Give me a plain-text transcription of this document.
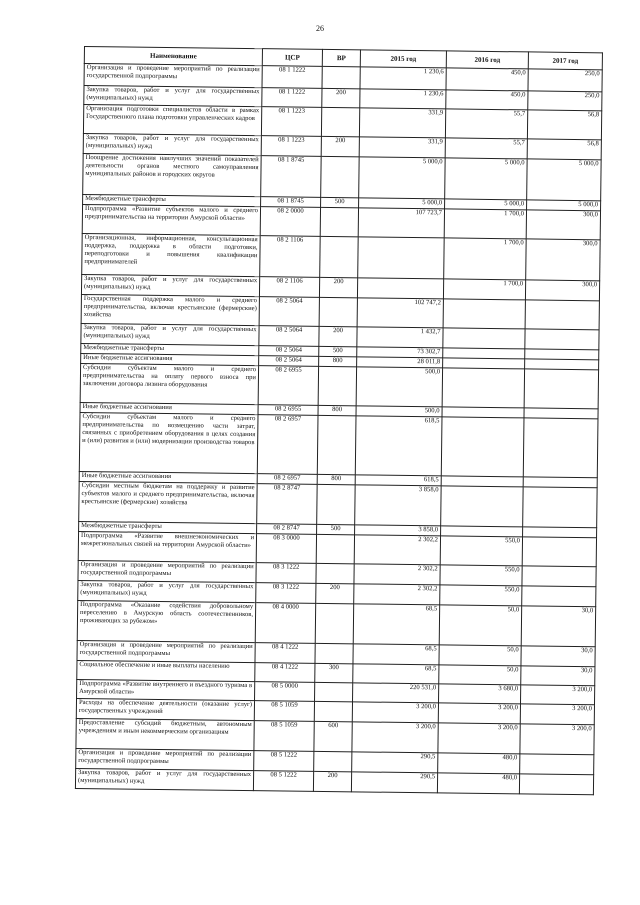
26
Наименование	ЦСР	ВР	2015 год	2016 год	2017 год
Организация и проведение мероприятий по реализации государственной подпрограммы	08 1 1222		1 230,6	450,0	250,0
Закупка товаров, работ и услуг для государственных (муниципальных) нужд	08 1 1222	200	1 230,6	450,0	250,0
Организация подготовки специалистов области в рамках Государственного плана подготовки управленческих кадров	08 1 1223		331,9	55,7	56,8
Закупка товаров, работ и услуг для государственных (муниципальных) нужд	08 1 1223	200	331,9	55,7	56,8
Поощрение достижения наилучших значений показателей деятельности органов местного самоуправления муниципальных районов и городских округов	08 1 8745		5 000,0	5 000,0	5 000,0
Межбюджетные трансферты	08 1 8745	500	5 000,0	5 000,0	5 000,0
Подпрограмма «Развитие субъектов малого и среднего предпринимательства на территории Амурской области»	08 2 0000		107 723,7	1 700,0	300,0
Организационная, информационная, консультационная поддержка, поддержка в области подготовки, переподготовки и повышения квалификации предпринимателей	08 2 1106			1 700,0	300,0
Закупка товаров, работ и услуг для государственных (муниципальных) нужд	08 2 1106	200		1 700,0	300,0
Государственная поддержка малого и среднего предпринимательства, включая крестьянские (фермерские) хозяйства	08 2 5064		102 747,2		
Закупка товаров, работ и услуг для государственных (муниципальных) нужд	08 2 5064	200	1 432,7		
Межбюджетные трансферты	08 2 5064	500	73 302,7		
Иные бюджетные ассигнования	08 2 5064	800	28 011,8		
Субсидии субъектам малого и среднего предпринимательства на оплату первого взноса при заключении договора лизинга оборудования	08 2 6955		500,0		
Иные бюджетные ассигнования	08 2 6955	800	500,0		
Субсидии субъектам малого и среднего предпринимательства по возмещению части затрат, связанных с приобретением оборудования в целях создания и (или) развития и (или) модернизации производства товаров	08 2 6957		618,5		
Иные бюджетные ассигнования	08 2 6957	800	618,5		
Субсидии местным бюджетам на поддержку и развитие субъектов малого и среднего предпринимательства, включая крестьянские (фермерские) хозяйства	08 2 8747		3 858,0		
Межбюджетные трансферты	08 2 8747	500	3 858,0		
Подпрограмма «Развитие внешнеэкономических и межрегиональных связей на территории Амурской области»	08 3 0000		2 302,2	550,0	
Организация и проведение мероприятий по реализации государственной подпрограммы	08 3 1222		2 302,2	550,0	
Закупка товаров, работ и услуг для государственных (муниципальных) нужд	08 3 1222	200	2 302,2	550,0	
Подпрограмма «Оказание содействия добровольному переселению в Амурскую область соотечественников, проживающих за рубежом»	08 4 0000		68,5	50,0	30,0
Организация и проведение мероприятий по реализации государственной подпрограммы	08 4 1222		68,5	50,0	30,0
Социальное обеспечение и иные выплаты населению	08 4 1222	300	68,5	50,0	30,0
Подпрограмма «Развитие внутреннего и въездного туризма в Амурской области»	08 5 0000		220 531,0	3 680,0	3 200,0
Расходы на обеспечение деятельности (оказание услуг) государственных учреждений	08 5 1059		3 200,0	3 200,0	3 200,0
Предоставление субсидий бюджетным, автономным учреждениям и иным некоммерческим организациям	08 5 1059	600	3 200,0	3 200,0	3 200,0
Организация и проведение мероприятий по реализации государственной подпрограммы	08 5 1222		290,5	480,0	
Закупка товаров, работ и услуг для государственных (муниципальных) нужд	08 5 1222	200	290,5	480,0	
